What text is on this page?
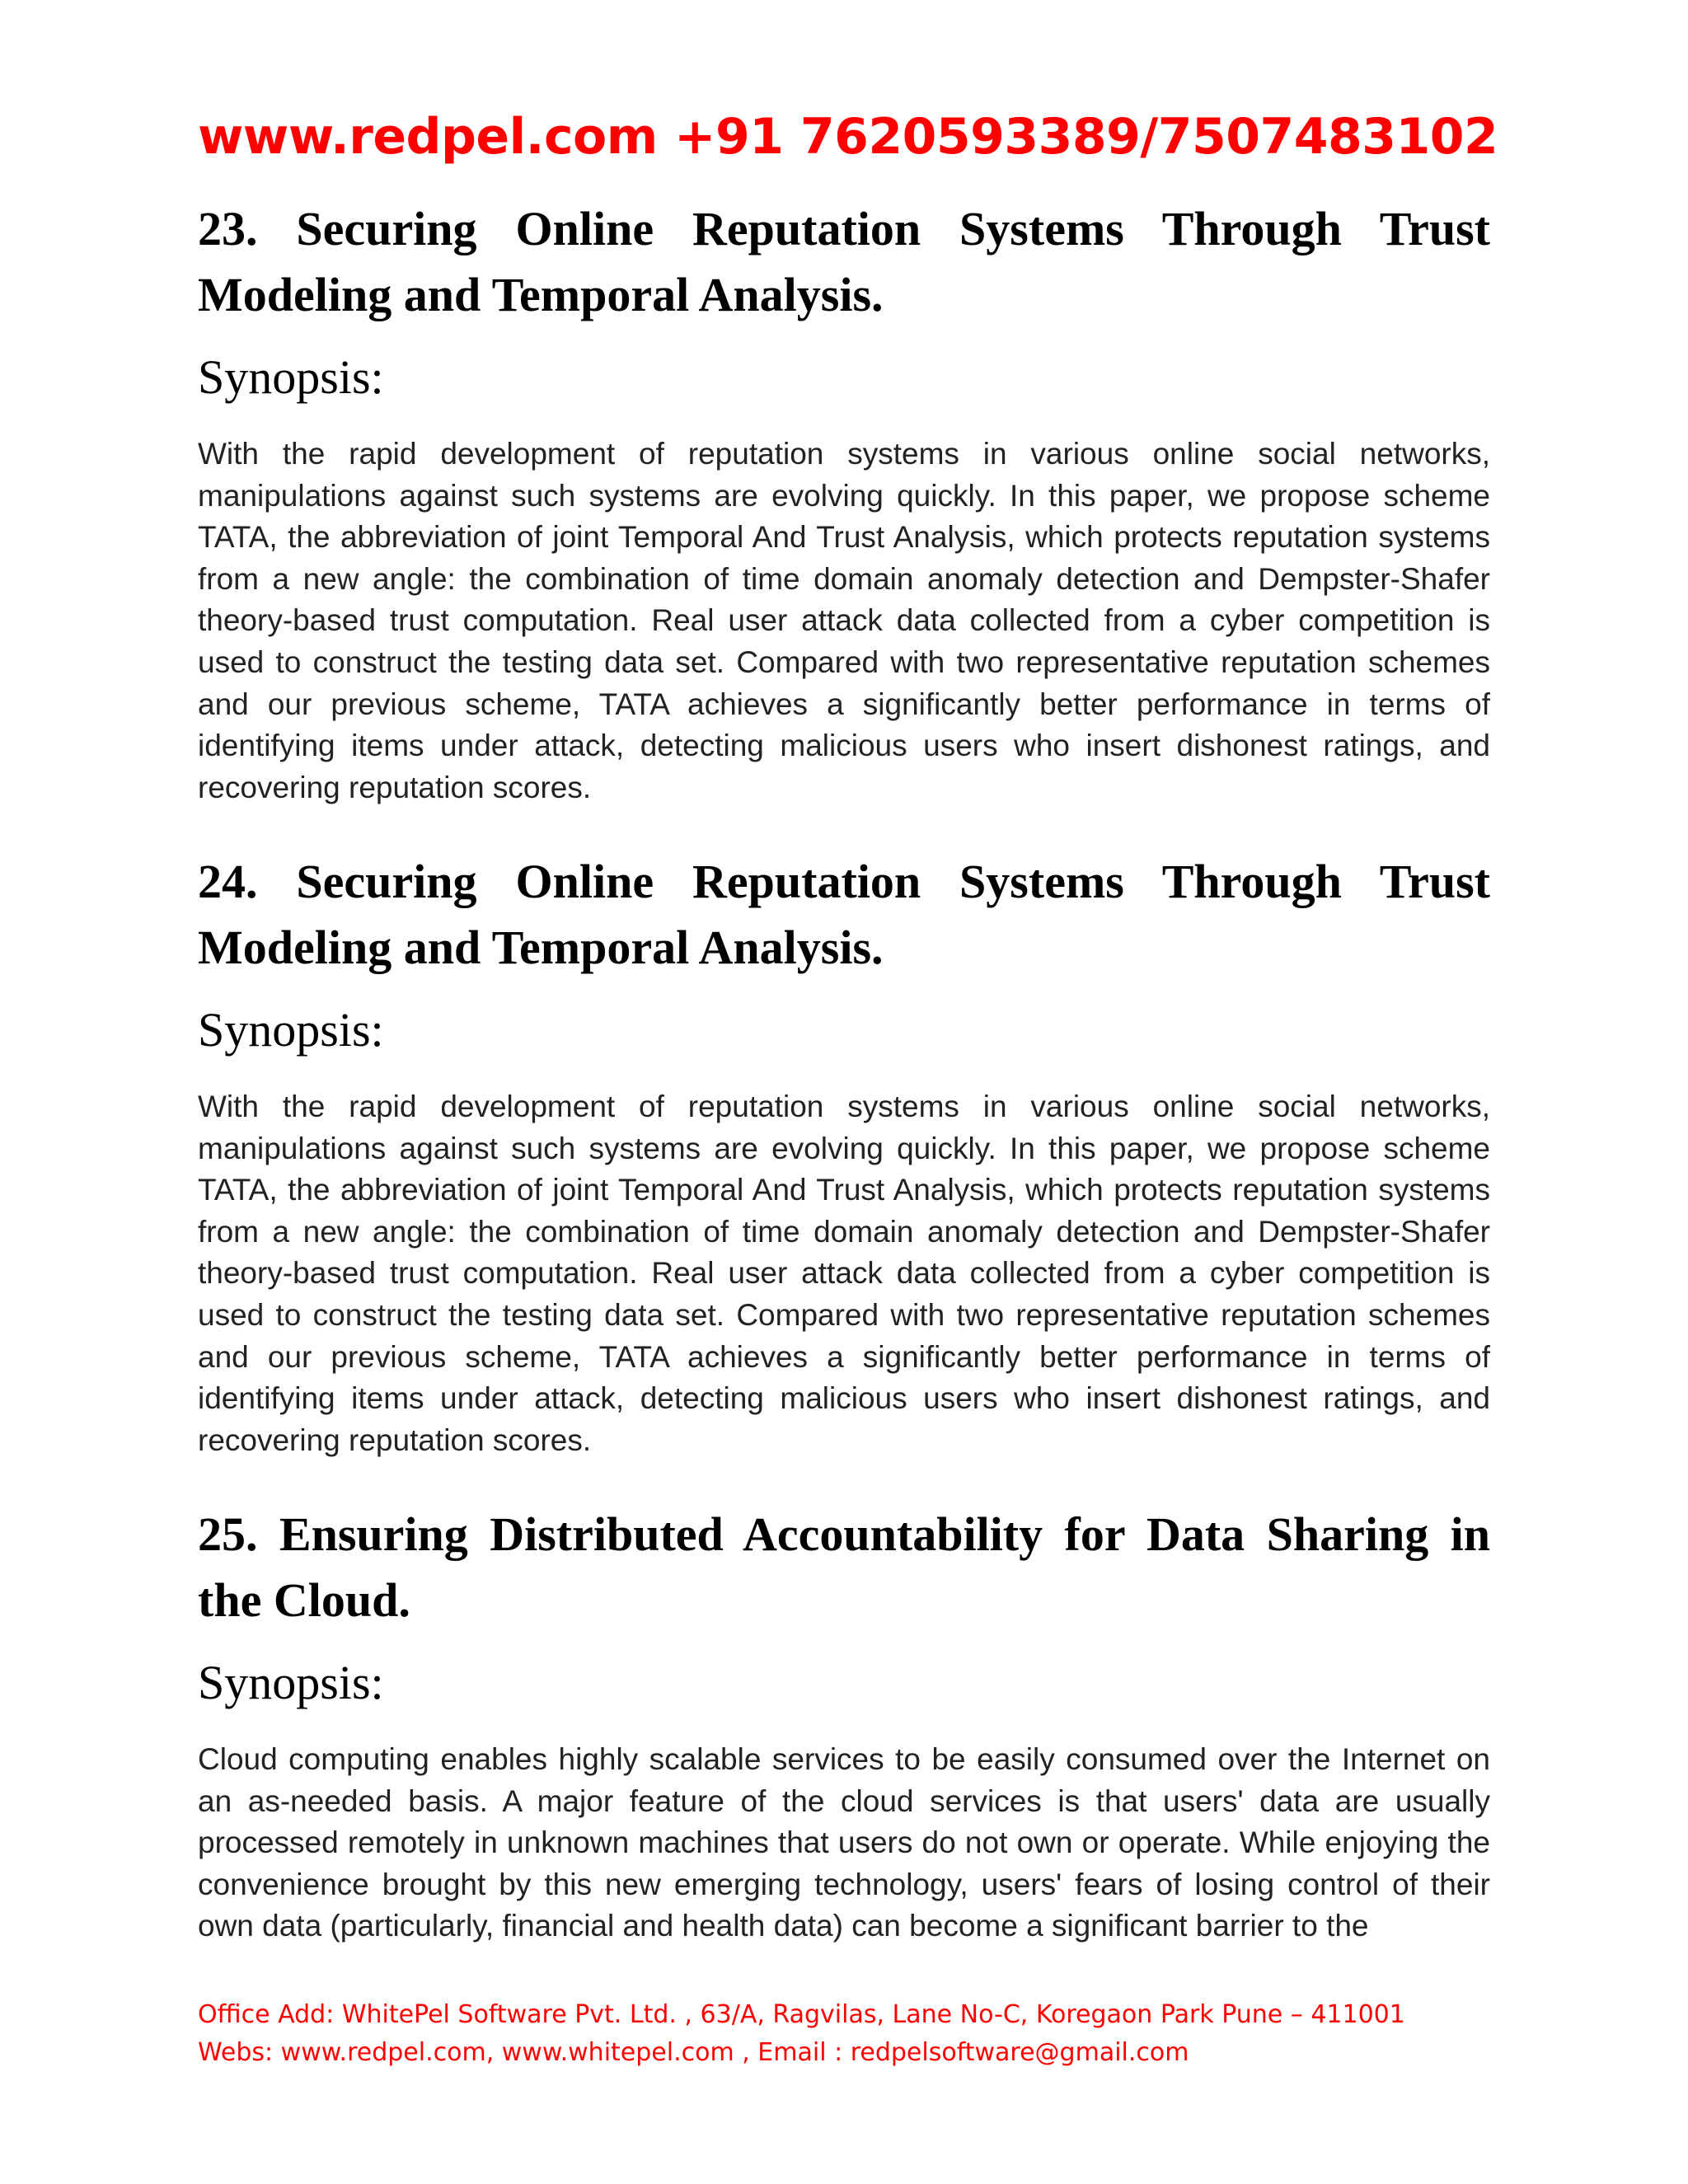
www.redpel.com +91 7620593389/7507483102
23. Securing Online Reputation Systems Through Trust Modeling and Temporal Analysis.
Synopsis:

With the rapid development of reputation systems in various online social networks, manipulations against such systems are evolving quickly. In this paper, we propose scheme TATA, the abbreviation of joint Temporal And Trust Analysis, which protects reputation systems from a new angle: the combination of time domain anomaly detection and Dempster-Shafer theory-based trust computation. Real user attack data collected from a cyber competition is used to construct the testing data set. Compared with two representative reputation schemes and our previous scheme, TATA achieves a significantly better performance in terms of identifying items under attack, detecting malicious users who insert dishonest ratings, and recovering reputation scores.

24. Securing Online Reputation Systems Through Trust Modeling and Temporal Analysis.
Synopsis:

With the rapid development of reputation systems in various online social networks, manipulations against such systems are evolving quickly. In this paper, we propose scheme TATA, the abbreviation of joint Temporal And Trust Analysis, which protects reputation systems from a new angle: the combination of time domain anomaly detection and Dempster-Shafer theory-based trust computation. Real user attack data collected from a cyber competition is used to construct the testing data set. Compared with two representative reputation schemes and our previous scheme, TATA achieves a significantly better performance in terms of identifying items under attack, detecting malicious users who insert dishonest ratings, and recovering reputation scores.

25. Ensuring Distributed Accountability for Data Sharing in the Cloud.
Synopsis:

Cloud computing enables highly scalable services to be easily consumed over the Internet on an as-needed basis. A major feature of the cloud services is that users' data are usually processed remotely in unknown machines that users do not own or operate. While enjoying the convenience brought by this new emerging technology, users' fears of losing control of their own data (particularly, financial and health data) can become a significant barrier to the

Office Add: WhitePel Software Pvt. Ltd. , 63/A, Ragvilas, Lane No-C, Koregaon Park Pune – 411001
Webs: www.redpel.com, www.whitepel.com , Email : redpelsoftware@gmail.com
